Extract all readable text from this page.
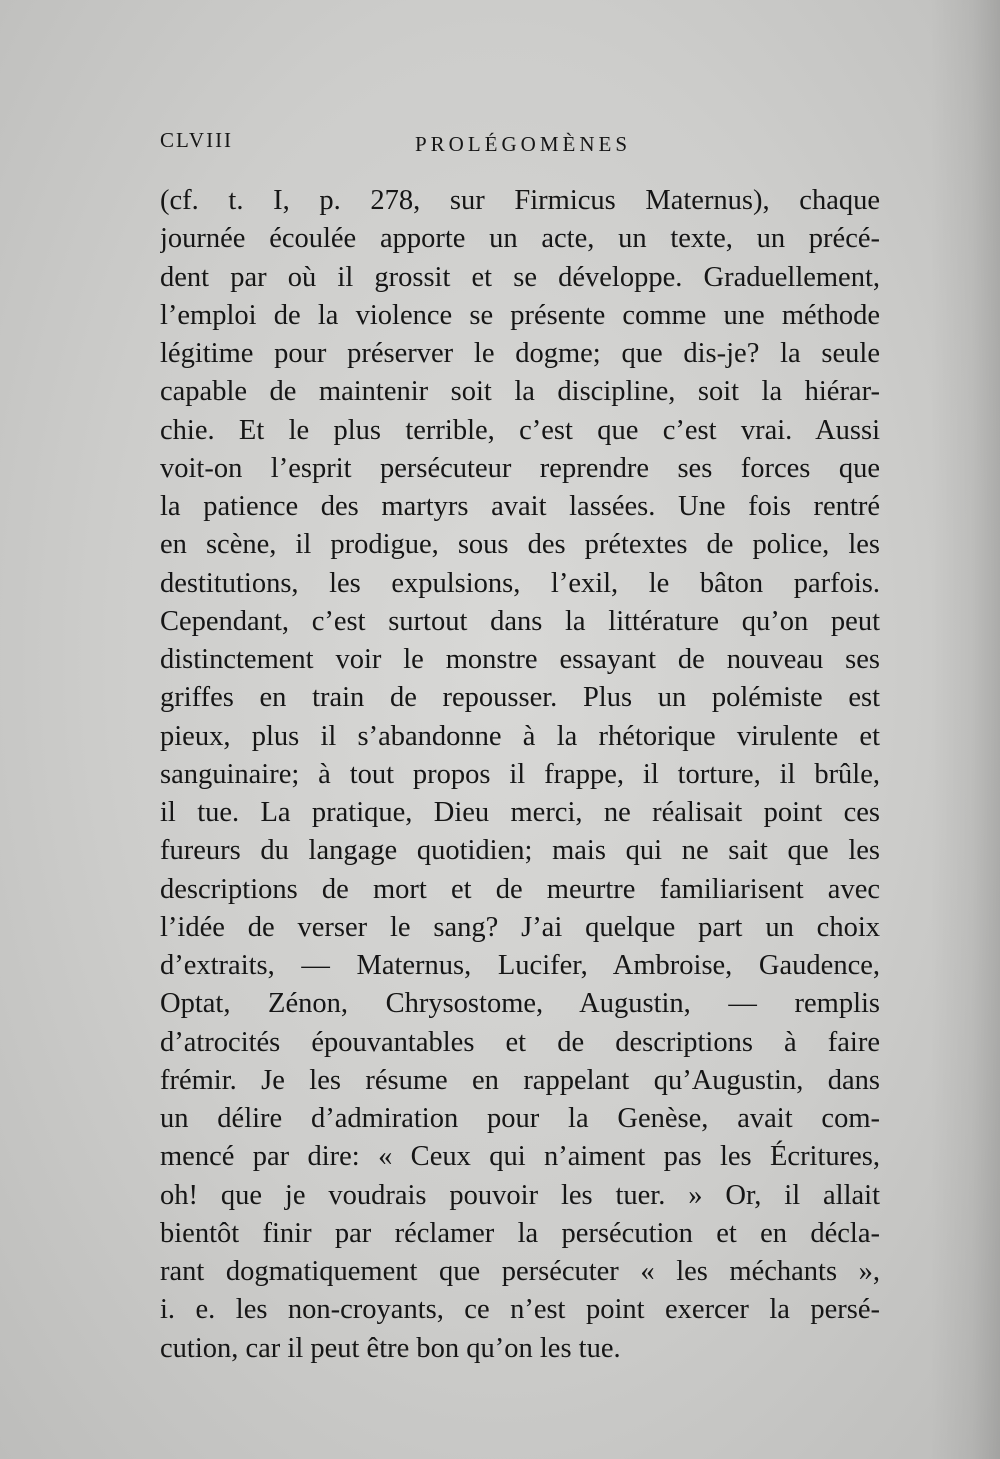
CLVIII	PROLÉGOMÈNES
(cf. t. I, p. 278, sur Firmicus Maternus), chaque
journée écoulée apporte un acte, un texte, un précé-
dent par où il grossit et se développe. Graduellement,
l’emploi de la violence se présente comme une méthode
légitime pour préserver le dogme; que dis-je? la seule
capable de maintenir soit la discipline, soit la hiérar-
chie. Et le plus terrible, c’est que c’est vrai. Aussi
voit-on l’esprit persécuteur reprendre ses forces que
la patience des martyrs avait lassées. Une fois rentré
en scène, il prodigue, sous des prétextes de police, les
destitutions, les expulsions, l’exil, le bâton parfois.
Cependant, c’est surtout dans la littérature qu’on peut
distinctement voir le monstre essayant de nouveau ses
griffes en train de repousser. Plus un polémiste est
pieux, plus il s’abandonne à la rhétorique virulente et
sanguinaire; à tout propos il frappe, il torture, il brûle,
il tue. La pratique, Dieu merci, ne réalisait point ces
fureurs du langage quotidien; mais qui ne sait que les
descriptions de mort et de meurtre familiarisent avec
l’idée de verser le sang? J’ai quelque part un choix
d’extraits, — Maternus, Lucifer, Ambroise, Gaudence,
Optat, Zénon, Chrysostome, Augustin, — remplis
d’atrocités épouvantables et de descriptions à faire
frémir. Je les résume en rappelant qu’Augustin, dans
un délire d’admiration pour la Genèse, avait com-
mencé par dire: « Ceux qui n’aiment pas les Écritures,
oh! que je voudrais pouvoir les tuer. » Or, il allait
bientôt finir par réclamer la persécution et en décla-
rant dogmatiquement que persécuter « les méchants »,
i. e. les non-croyants, ce n’est point exercer la persé-
cution, car il peut être bon qu’on les tue.
